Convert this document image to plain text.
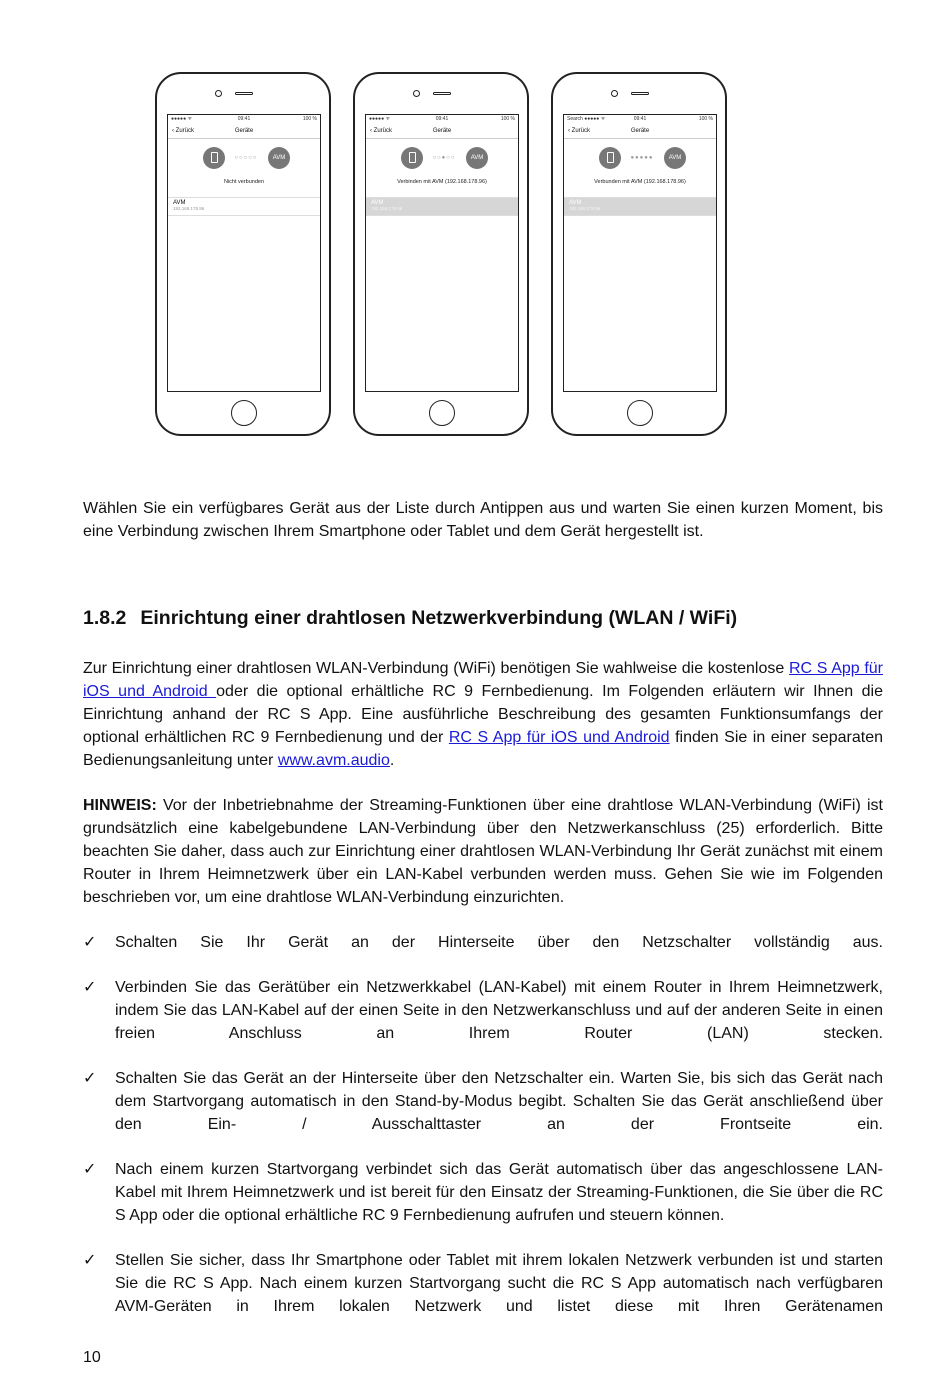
●●●●● ᯤ	09:41	100 %
‹ Zurück	Geräte
○○○○○	AVM
Nicht verbunden
AVM
192.168.178.96
●●●●● ᯤ	09:41	100 %
‹ Zurück	Geräte
○○●○○	AVM
Verbinden mit AVM (192.168.178.96)
AVM
192.168.178.96
Search ●●●●● ᯤ	09:41	100 %
‹ Zurück	Geräte
●●●●●	AVM
Verbunden mit AVM (192.168.178.96)
AVM
192.168.178.96

Wählen Sie ein verfügbares Gerät aus der Liste durch Antippen aus und warten Sie einen kurzen Moment, bis eine Verbindung zwischen Ihrem Smartphone oder Tablet und dem Gerät hergestellt ist.

1.8.2 Einrichtung einer drahtlosen Netzwerkverbindung (WLAN / WiFi)

Zur Einrichtung einer drahtlosen WLAN-Verbindung (WiFi) benötigen Sie wahlweise die kostenlose RC S App für iOS und Android oder die optional erhältliche RC 9 Fernbedienung. Im Folgenden erläutern wir Ihnen die Einrichtung anhand der RC S App. Eine ausführliche Beschreibung des gesamten Funktionsumfangs der optional erhältlichen RC 9 Fernbedienung und der RC S App für iOS und Android finden Sie in einer separaten Bedienungsanleitung unter www.avm.audio.

HINWEIS: Vor der Inbetriebnahme der Streaming-Funktionen über eine drahtlose WLAN-Verbindung (WiFi) ist grundsätzlich eine kabelgebundene LAN-Verbindung über den Netzwerkanschluss (25) erforderlich. Bitte beachten Sie daher, dass auch zur Einrichtung einer drahtlosen WLAN-Verbindung Ihr Gerät zunächst mit einem Router in Ihrem Heimnetzwerk über ein LAN-Kabel verbunden werden muss. Gehen Sie wie im Folgenden beschrieben vor, um eine drahtlose WLAN-Verbindung einzurichten.

✓ Schalten Sie Ihr Gerät an der Hinterseite über den Netzschalter vollständig aus.
✓ Verbinden Sie das Gerätüber ein Netzwerkkabel (LAN-Kabel) mit einem Router in Ihrem Heimnetzwerk, indem Sie das LAN-Kabel auf der einen Seite in den Netzwerkanschluss und auf der anderen Seite in einen freien Anschluss an Ihrem Router (LAN) stecken.
✓ Schalten Sie das Gerät an der Hinterseite über den Netzschalter ein. Warten Sie, bis sich das Gerät nach dem Startvorgang automatisch in den Stand-by-Modus begibt. Schalten Sie das Gerät anschließend über den Ein- / Ausschalttaster an der Frontseite ein.
✓ Nach einem kurzen Startvorgang verbindet sich das Gerät automatisch über das angeschlossene LAN-Kabel mit Ihrem Heimnetzwerk und ist bereit für den Einsatz der Streaming-Funktionen, die Sie über die RC S App oder die optional erhältliche RC 9 Fernbedienung aufrufen und steuern können.
✓ Stellen Sie sicher, dass Ihr Smartphone oder Tablet mit ihrem lokalen Netzwerk verbunden ist und starten Sie die RC S App. Nach einem kurzen Startvorgang sucht die RC S App automatisch nach verfügbaren AVM-Geräten in Ihrem lokalen Netzwerk und listet diese mit Ihren Gerätenamen
10
